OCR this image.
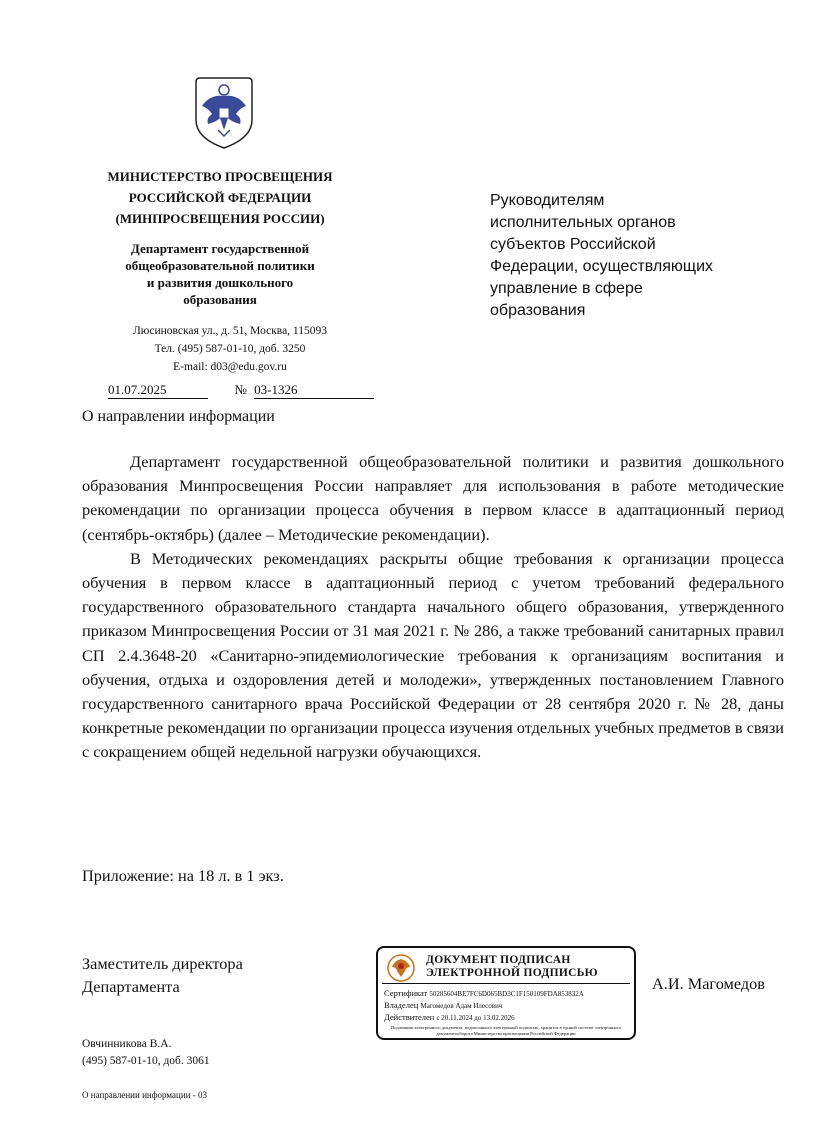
МИНИСТЕРСТВО ПРОСВЕЩЕНИЯ
РОССИЙСКОЙ ФЕДЕРАЦИИ
(МИНПРОСВЕЩЕНИЯ РОССИИ)
Департамент государственной
общеобразовательной политики
и развития дошкольного
образования
Люсиновская ул., д. 51, Москва, 115093
Тел. (495) 587-01-10, доб. 3250
E-mail: d03@edu.gov.ru
01.07.2025	№ 03-1326
Руководителям
исполнительных органов
субъектов Российской
Федерации, осуществляющих
управление в сфере
образования
О направлении информации

Департамент государственной общеобразовательной политики и развития дошкольного образования Минпросвещения России направляет для использования в работе методические рекомендации по организации процесса обучения в первом классе в адаптационный период (сентябрь-октябрь) (далее – Методические рекомендации).

В Методических рекомендациях раскрыты общие требования к организации процесса обучения в первом классе в адаптационный период с учетом требований федерального государственного образовательного стандарта начального общего образования, утвержденного приказом Минпросвещения России от 31 мая 2021 г. № 286, а также требований санитарных правил СП 2.4.3648-20 «Санитарно-эпидемиологические требования к организациям воспитания и обучения, отдыха и оздоровления детей и молодежи», утвержденных постановлением Главного государственного санитарного врача Российской Федерации от 28 сентября 2020 г. № 28, даны конкретные рекомендации по организации процесса изучения отдельных учебных предметов в связи с сокращением общей недельной нагрузки обучающихся.

Приложение: на 18 л. в 1 экз.
Заместитель директора
Департамента
ДОКУМЕНТ ПОДПИСАН
ЭЛЕКТРОННОЙ ПОДПИСЬЮ
Сертификат 50285604BE7FC6D065BD3C1F150109FDA853832A
Владелец Магомедов Адам Илесович
Действителен с 20.11.2024 до 13.02.2026
Подлинник электронного документа, подписанного электронной подписью, хранится в единой системе электронного документооборота Министерства просвещения Российской Федерации
А.И. Магомедов
Овчинникова В.А.
(495) 587-01-10, доб. 3061
О направлении информации - 03
